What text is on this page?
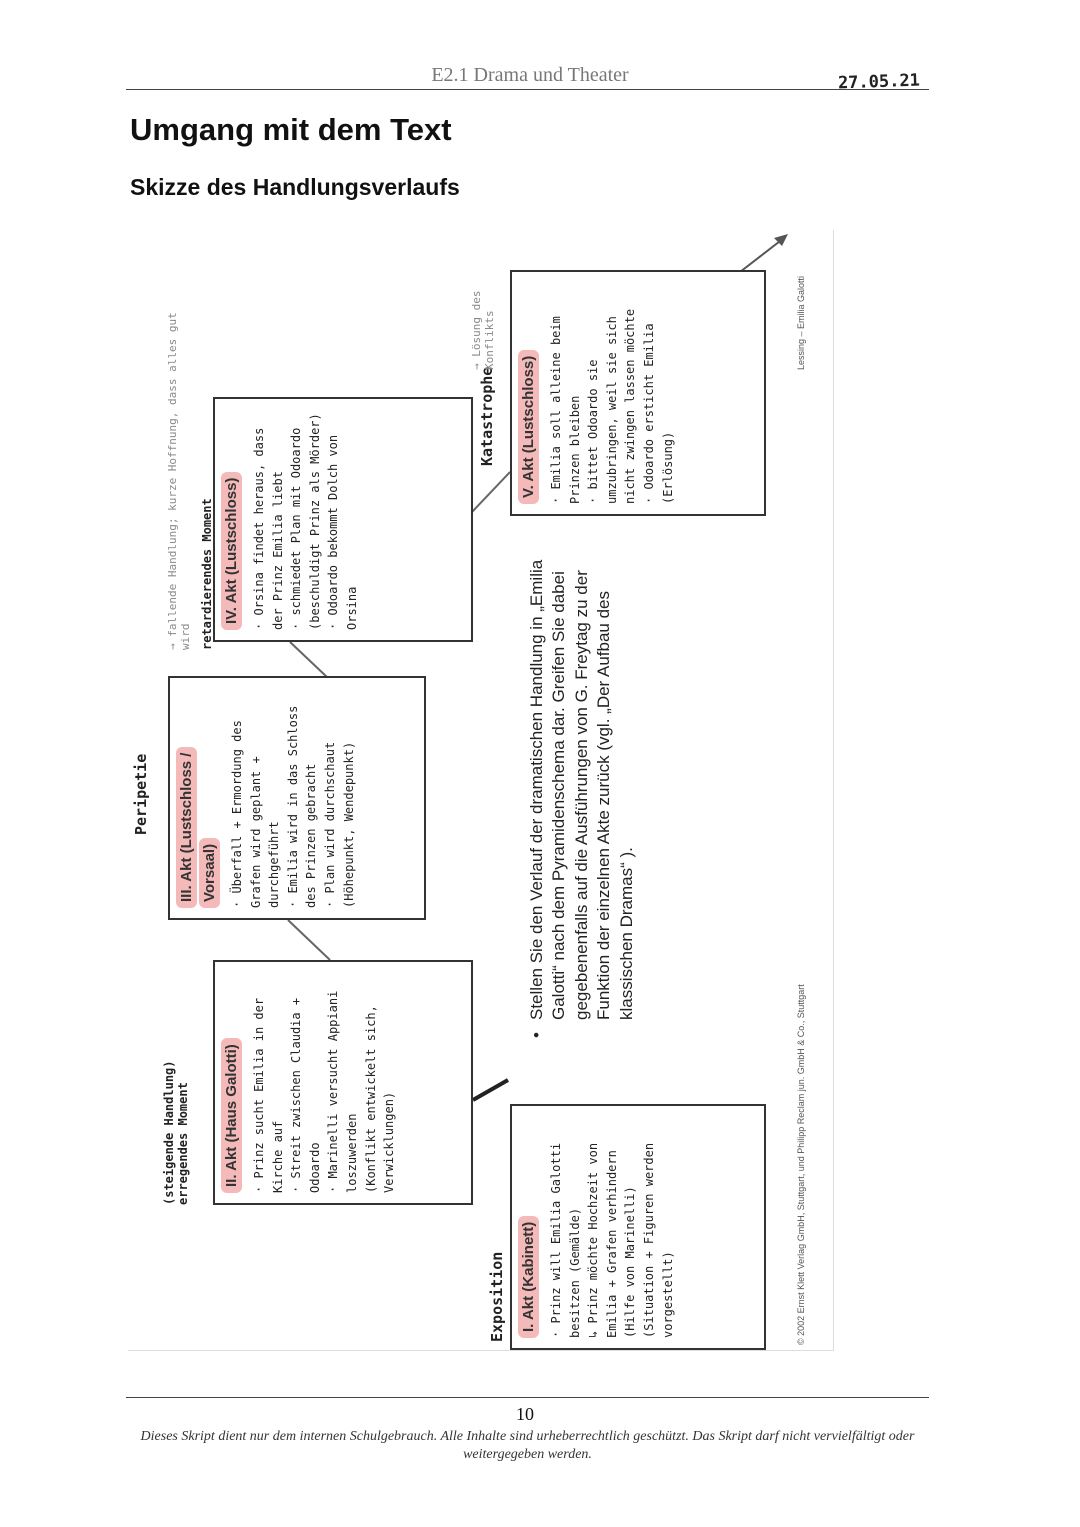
E2.1 Drama und Theater	27.05.21
Umgang mit dem Text
Skizze des Handlungsverlaufs
V. Akt (Lustschloss) · Emilia soll alleine beim Prinzen bleiben · bittet Odoardo sie umzubringen, weil sie sich nicht zwingen lassen möchte · Odoardo ersticht Emilia (Erlösung)
Katastrophe
→ Lösung des Konflikts
IV. Akt (Lustschloss) · Orsina findet heraus, dass der Prinz Emilia liebt · schmiedet Plan mit Odoardo (beschuldigt Prinz als Mörder) · Odoardo bekommt Dolch von Orsina
→ fallende Handlung; kurze Hoffnung, dass alles gut wird retardierendes Moment
III. Akt (Lustschloss / Vorsaal) · Überfall + Ermordung des Grafen wird geplant + durchgeführt · Emilia wird in das Schloss des Prinzen gebracht · Plan wird durchschaut (Höhepunkt, Wendepunkt)
Peripetie
II. Akt (Haus Galotti) · Prinz sucht Emilia in der Kirche auf · Streit zwischen Claudia + Odoardo · Marinelli versucht Appiani loszuwerden (Konflikt entwickelt sich, Verwicklungen)
(steigende Handlung) erregendes Moment
I. Akt (Kabinett) · Prinz will Emilia Galotti besitzen (Gemälde) ↳ Prinz möchte Hochzeit von Emilia + Grafen verhindern (Hilfe von Marinelli) (Situation + Figuren werden vorgestellt)
Exposition
•
Stellen Sie den Verlauf der dramatischen Handlung in „Emilia Galotti“ nach dem Pyramidenschema dar. Greifen Sie dabei gegebenenfalls auf die Ausführungen von G. Freytag zu der Funktion der einzelnen Akte zurück (vgl. „Der Aufbau des klassischen Dramas“ ).
Lessing – Emilia Galotti
© 2002 Ernst Klett Verlag GmbH, Stuttgart, und Philipp Reclam jun. GmbH & Co., Stuttgart
10
Dieses Skript dient nur dem internen Schulgebrauch. Alle Inhalte sind urheberrechtlich geschützt. Das Skript darf nicht vervielfältigt oder weitergegeben werden.
